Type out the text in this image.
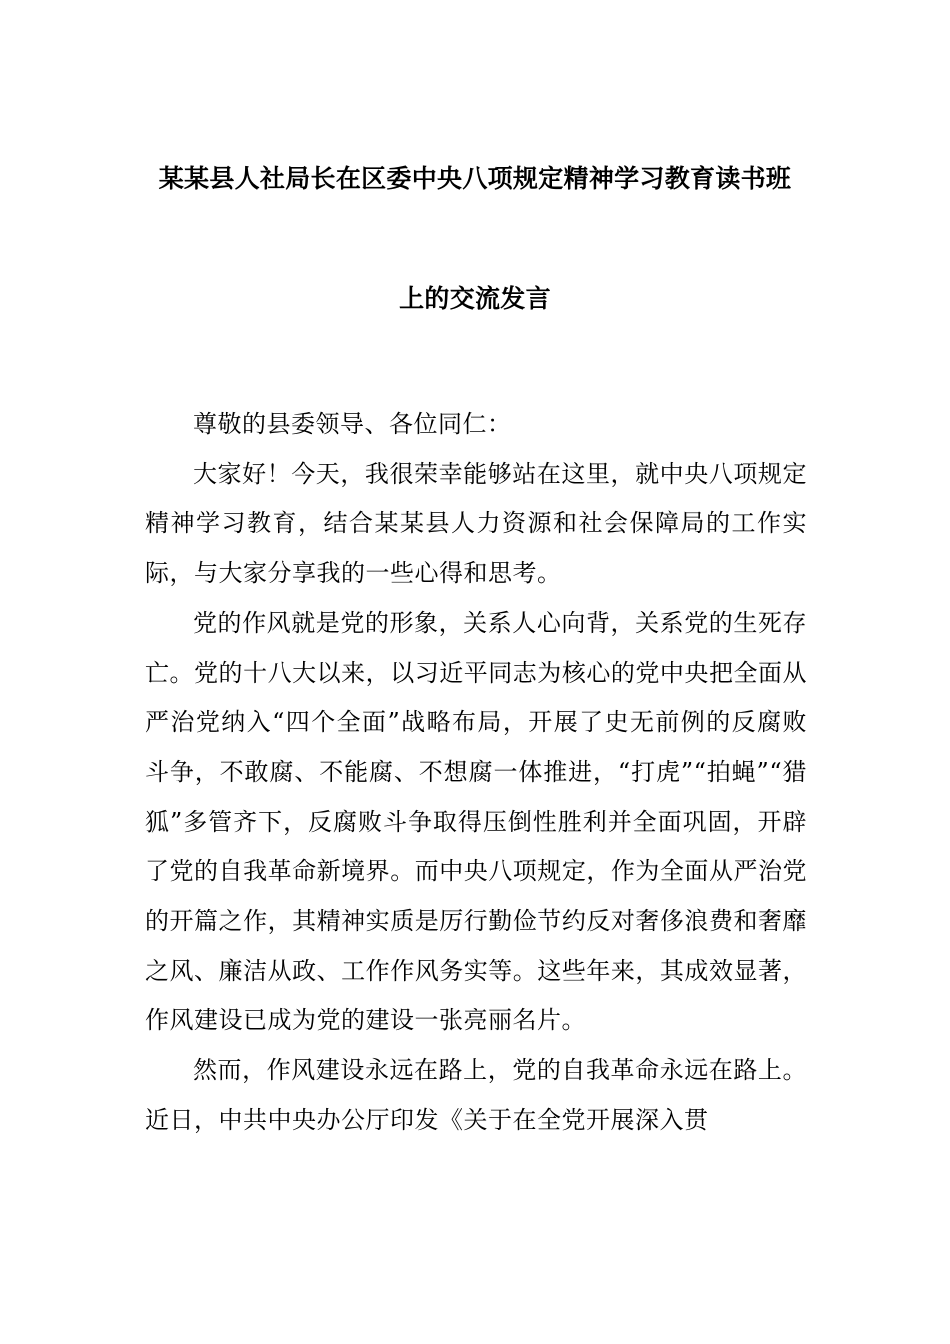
某某县人社局长在区委中央八项规定精神学习教育读书班
上的交流发言

尊敬的县委领导、各位同仁：

大家好！今天，我很荣幸能够站在这里，就中央八项规定精神学习教育，结合某某县人力资源和社会保障局的工作实际，与大家分享我的一些心得和思考。

党的作风就是党的形象，关系人心向背，关系党的生死存亡。党的十八大以来，以习近平同志为核心的党中央把全面从严治党纳入“四个全面”战略布局，开展了史无前例的反腐败斗争，不敢腐、不能腐、不想腐一体推进，“打虎”“拍蝇”“猎狐”多管齐下，反腐败斗争取得压倒性胜利并全面巩固，开辟了党的自我革命新境界。而中央八项规定，作为全面从严治党的开篇之作，其精神实质是厉行勤俭节约反对奢侈浪费和奢靡之风、廉洁从政、工作作风务实等。这些年来，其成效显著，作风建设已成为党的建设一张亮丽名片。

然而，作风建设永远在路上，党的自我革命永远在路上。近日，中共中央办公厅印发《关于在全党开展深入贯
